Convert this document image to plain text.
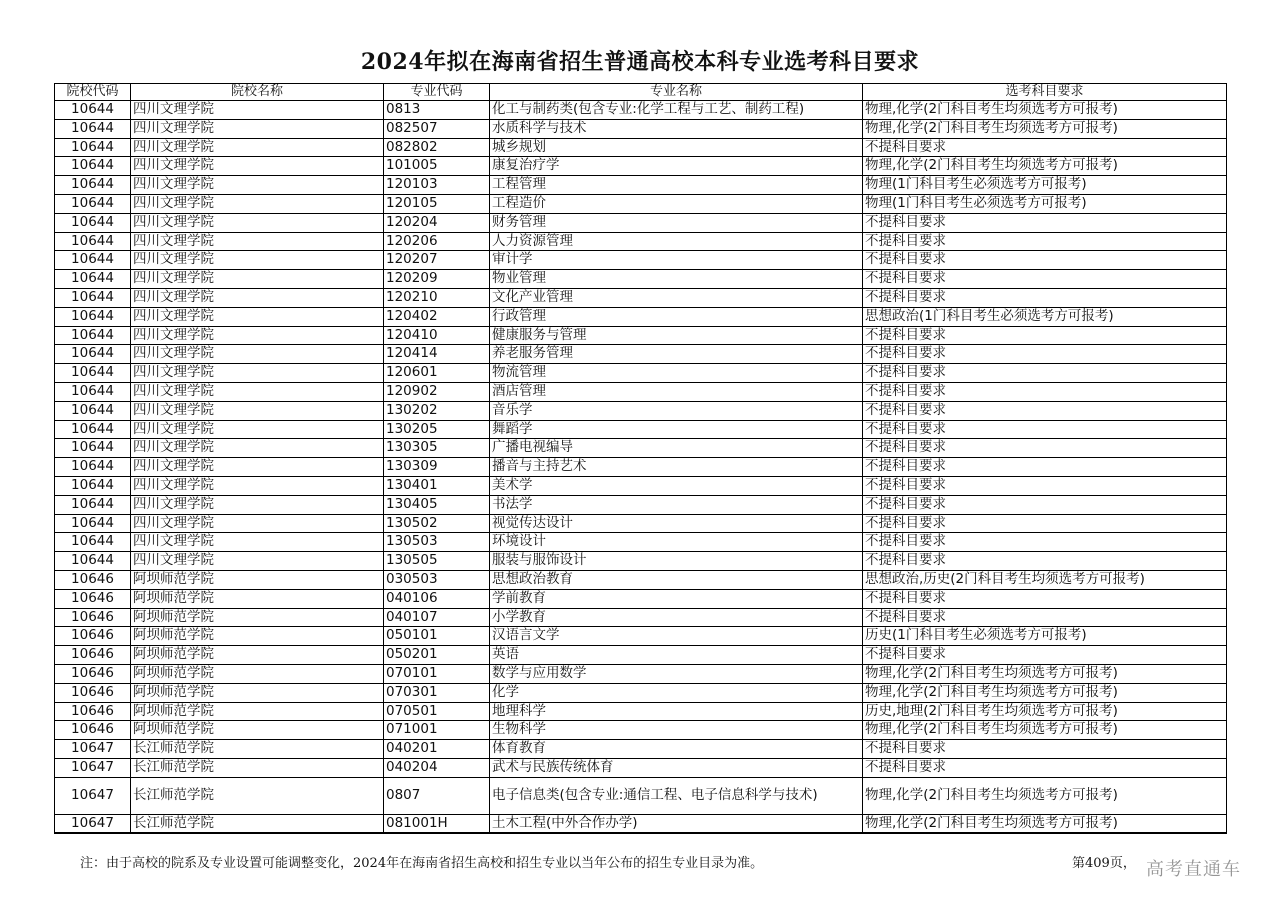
2024年拟在海南省招生普通高校本科专业选考科目要求
院校代码	院校名称	专业代码	专业名称	选考科目要求
10644	四川文理学院	0813	化工与制药类(包含专业:化学工程与工艺、制药工程)	物理,化学(2门科目考生均须选考方可报考)
10644	四川文理学院	082507	水质科学与技术	物理,化学(2门科目考生均须选考方可报考)
10644	四川文理学院	082802	城乡规划	不提科目要求
10644	四川文理学院	101005	康复治疗学	物理,化学(2门科目考生均须选考方可报考)
10644	四川文理学院	120103	工程管理	物理(1门科目考生必须选考方可报考)
10644	四川文理学院	120105	工程造价	物理(1门科目考生必须选考方可报考)
10644	四川文理学院	120204	财务管理	不提科目要求
10644	四川文理学院	120206	人力资源管理	不提科目要求
10644	四川文理学院	120207	审计学	不提科目要求
10644	四川文理学院	120209	物业管理	不提科目要求
10644	四川文理学院	120210	文化产业管理	不提科目要求
10644	四川文理学院	120402	行政管理	思想政治(1门科目考生必须选考方可报考)
10644	四川文理学院	120410	健康服务与管理	不提科目要求
10644	四川文理学院	120414	养老服务管理	不提科目要求
10644	四川文理学院	120601	物流管理	不提科目要求
10644	四川文理学院	120902	酒店管理	不提科目要求
10644	四川文理学院	130202	音乐学	不提科目要求
10644	四川文理学院	130205	舞蹈学	不提科目要求
10644	四川文理学院	130305	广播电视编导	不提科目要求
10644	四川文理学院	130309	播音与主持艺术	不提科目要求
10644	四川文理学院	130401	美术学	不提科目要求
10644	四川文理学院	130405	书法学	不提科目要求
10644	四川文理学院	130502	视觉传达设计	不提科目要求
10644	四川文理学院	130503	环境设计	不提科目要求
10644	四川文理学院	130505	服装与服饰设计	不提科目要求
10646	阿坝师范学院	030503	思想政治教育	思想政治,历史(2门科目考生均须选考方可报考)
10646	阿坝师范学院	040106	学前教育	不提科目要求
10646	阿坝师范学院	040107	小学教育	不提科目要求
10646	阿坝师范学院	050101	汉语言文学	历史(1门科目考生必须选考方可报考)
10646	阿坝师范学院	050201	英语	不提科目要求
10646	阿坝师范学院	070101	数学与应用数学	物理,化学(2门科目考生均须选考方可报考)
10646	阿坝师范学院	070301	化学	物理,化学(2门科目考生均须选考方可报考)
10646	阿坝师范学院	070501	地理科学	历史,地理(2门科目考生均须选考方可报考)
10646	阿坝师范学院	071001	生物科学	物理,化学(2门科目考生均须选考方可报考)
10647	长江师范学院	040201	体育教育	不提科目要求
10647	长江师范学院	040204	武术与民族传统体育	不提科目要求
10647	长江师范学院	0807	电子信息类(包含专业:通信工程、电子信息科学与技术)	物理,化学(2门科目考生均须选考方可报考)
10647	长江师范学院	081001H	土木工程(中外合作办学)	物理,化学(2门科目考生均须选考方可报考)
注：由于高校的院系及专业设置可能调整变化，2024年在海南省招生高校和招生专业以当年公布的招生专业目录为准。	第409页， 高考直通车
